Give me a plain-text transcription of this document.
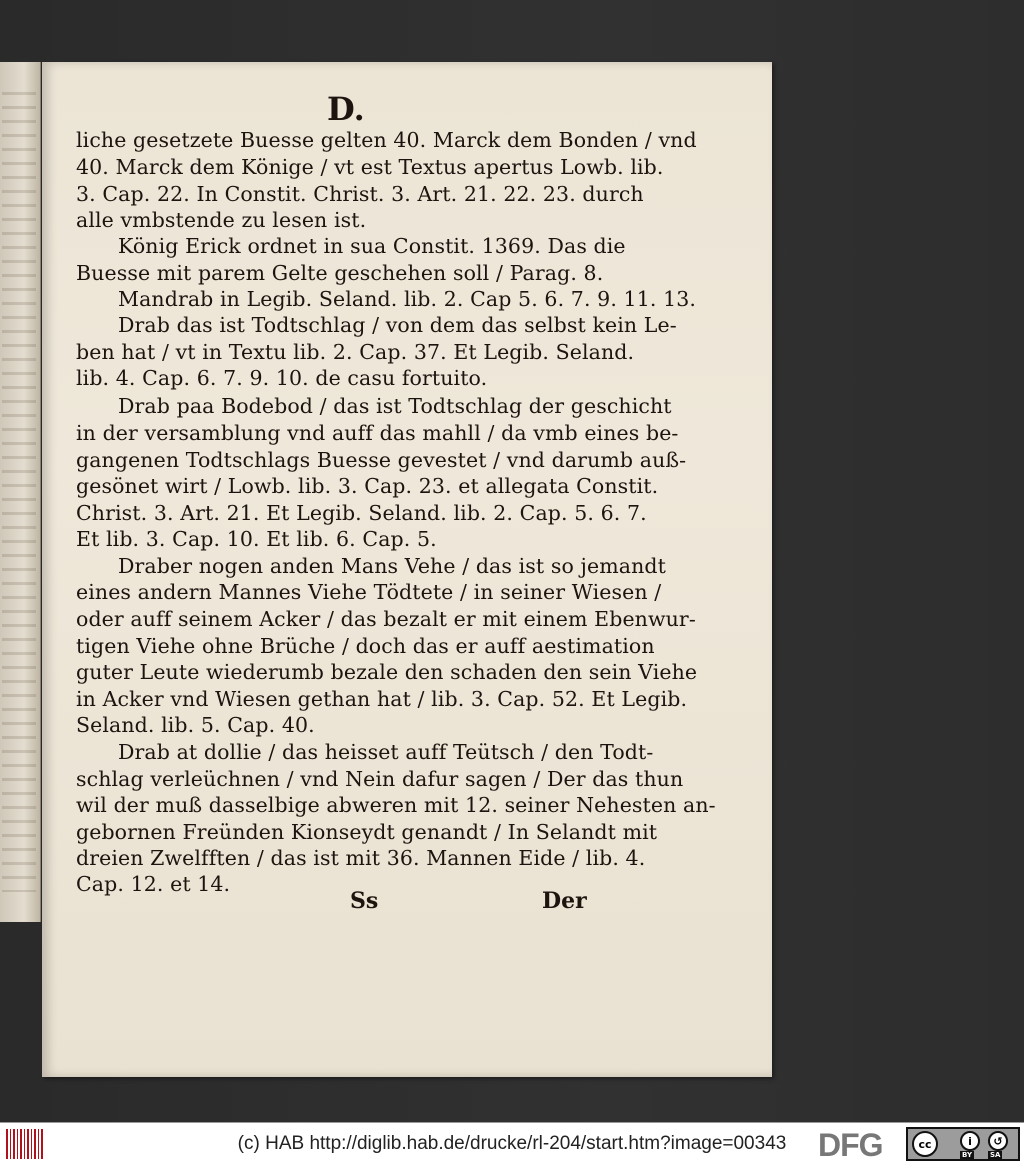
D.
liche gesetzete Buesse gelten 40. Marck dem Bonden / vnd
40. Marck dem Könige / vt est Textus apertus Lowb. lib.
3. Cap. 22. In Constit. Christ. 3. Art. 21. 22. 23. durch
alle vmbstende zu lesen ist.
König Erick ordnet in sua Constit. 1369. Das die
Buesse mit parem Gelte geschehen soll / Parag. 8.
Mandrab in Legib. Seland. lib. 2. Cap 5. 6. 7. 9. 11. 13.
Drab das ist Todtschlag / von dem das selbst kein Le-
ben hat / vt in Textu lib. 2. Cap. 37. Et Legib. Seland.
lib. 4. Cap. 6. 7. 9. 10. de casu fortuito.
Drab paa Bodebod / das ist Todtschlag der geschicht
in der versamblung vnd auff das mahll / da vmb eines be-
gangenen Todtschlags Buesse gevestet / vnd darumb auß-
gesönet wirt / Lowb. lib. 3. Cap. 23. et allegata Constit.
Christ. 3. Art. 21. Et Legib. Seland. lib. 2. Cap. 5. 6. 7.
Et lib. 3. Cap. 10. Et lib. 6. Cap. 5.
Draber nogen anden Mans Vehe / das ist so jemandt
eines andern Mannes Viehe Tödtete / in seiner Wiesen /
oder auff seinem Acker / das bezalt er mit einem Ebenwur-
tigen Viehe ohne Brüche / doch das er auff aestimation
guter Leute wiederumb bezale den schaden den sein Viehe
in Acker vnd Wiesen gethan hat / lib. 3. Cap. 52. Et Legib.
Seland. lib. 5. Cap. 40.
Drab at dollie / das heisset auff Teütsch / den Todt-
schlag verleüchnen / vnd Nein dafur sagen / Der das thun
wil der muß dasselbige abweren mit 12. seiner Nehesten an-
gebornen Freünden Kionseydt genandt / In Selandt mit
dreien Zwelfften / das ist mit 36. Mannen Eide / lib. 4.
Cap. 12. et 14.
Ss	Der
(c) HAB http://diglib.hab.de/drucke/rl-204/start.htm?image=00343 DFG	cc	i	↺
BY	SA
